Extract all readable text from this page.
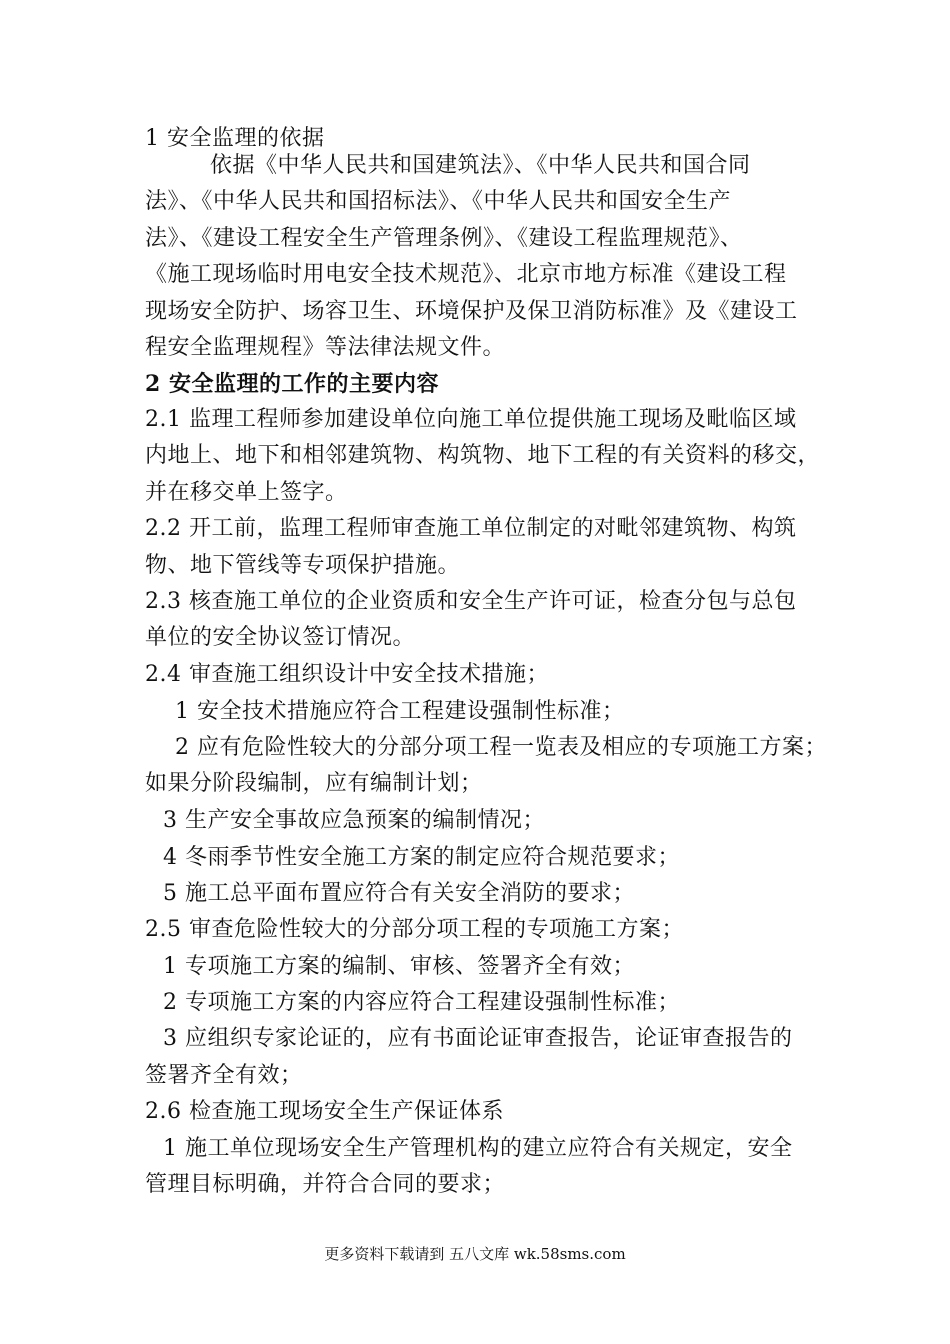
1 安全监理的依据
依据《中华人民共和国建筑法》、《中华人民共和国合同
法》、《中华人民共和国招标法》、《中华人民共和国安全生产
法》、《建设工程安全生产管理条例》、《建设工程监理规范》、
《施工现场临时用电安全技术规范》、北京市地方标准《建设工程
现场安全防护、场容卫生、环境保护及保卫消防标准》及《建设工
程安全监理规程》等法律法规文件。
2 安全监理的工作的主要内容
2.1 监理工程师参加建设单位向施工单位提供施工现场及毗临区域
内地上、地下和相邻建筑物、构筑物、地下工程的有关资料的移交，
并在移交单上签字。
2.2 开工前，监理工程师审查施工单位制定的对毗邻建筑物、构筑
物、地下管线等专项保护措施。
2.3 核查施工单位的企业资质和安全生产许可证，检查分包与总包
单位的安全协议签订情况。
2.4 审查施工组织设计中安全技术措施；
1 安全技术措施应符合工程建设强制性标准；
2 应有危险性较大的分部分项工程一览表及相应的专项施工方案；
如果分阶段编制，应有编制计划；
3 生产安全事故应急预案的编制情况；
4 冬雨季节性安全施工方案的制定应符合规范要求；
5 施工总平面布置应符合有关安全消防的要求；
2.5 审查危险性较大的分部分项工程的专项施工方案；
1 专项施工方案的编制、审核、签署齐全有效；
2 专项施工方案的内容应符合工程建设强制性标准；
3 应组织专家论证的，应有书面论证审查报告，论证审查报告的
签署齐全有效；
2.6 检查施工现场安全生产保证体系
1 施工单位现场安全生产管理机构的建立应符合有关规定，安全
管理目标明确，并符合合同的要求；
更多资料下载请到 五八文库 wk.58sms.com
